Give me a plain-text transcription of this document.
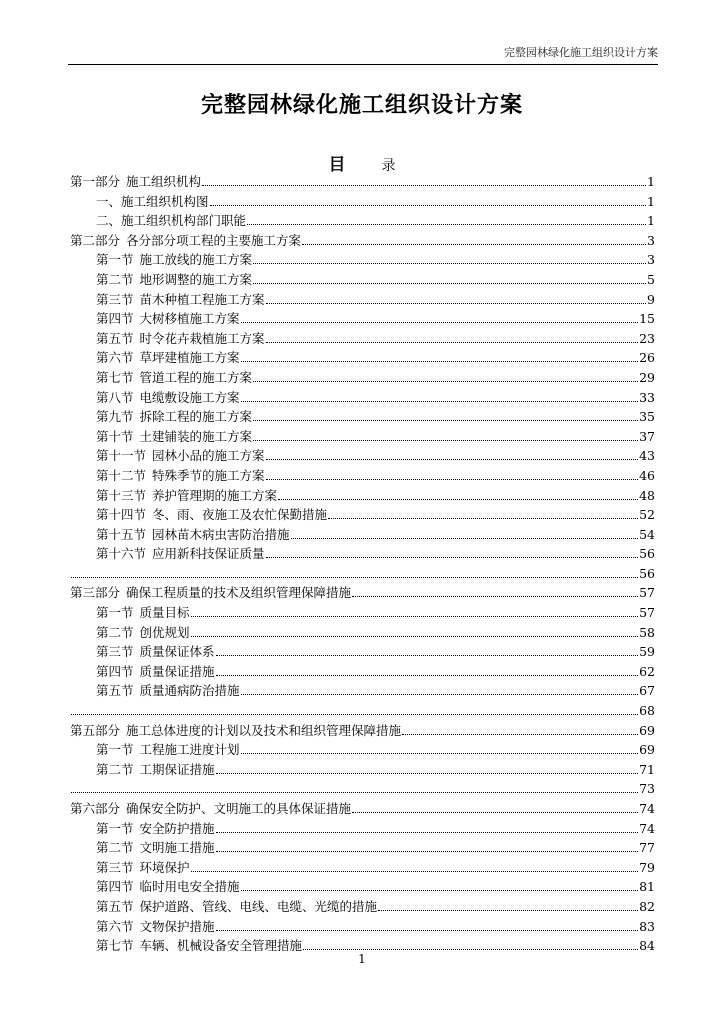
完整园林绿化施工组织设计方案
完整园林绿化施工组织设计方案
目	录
第一部分 施工组织机构	1
一、施工组织机构图	1
二、施工组织机构部门职能	1
第二部分 各分部分项工程的主要施工方案	3
第一节 施工放线的施工方案	3
第二节 地形调整的施工方案	5
第三节 苗木种植工程施工方案	9
第四节 大树移植施工方案	15
第五节 时令花卉栽植施工方案	23
第六节 草坪建植施工方案	26
第七节 管道工程的施工方案	29
第八节 电缆敷设施工方案	33
第九节 拆除工程的施工方案	35
第十节 土建铺装的施工方案	37
第十一节 园林小品的施工方案	43
第十二节 特殊季节的施工方案	46
第十三节 养护管理期的施工方案	48
第十四节 冬、雨、夜施工及农忙保勤措施	52
第十五节 园林苗木病虫害防治措施	54
第十六节 应用新科技保证质量	56
56
第三部分 确保工程质量的技术及组织管理保障措施	57
第一节 质量目标	57
第二节 创优规划	58
第三节 质量保证体系	59
第四节 质量保证措施	62
第五节 质量通病防治措施	67
68
第五部分 施工总体进度的计划以及技术和组织管理保障措施	69
第一节 工程施工进度计划	69
第二节 工期保证措施	71
73
第六部分 确保安全防护、文明施工的具体保证措施	74
第一节 安全防护措施	74
第二节 文明施工措施	77
第三节 环境保护	79
第四节 临时用电安全措施	81
第五节 保护道路、管线、电线、电缆、光缆的措施	82
第六节 文物保护措施	83
第七节 车辆、机械设备安全管理措施	84
1
